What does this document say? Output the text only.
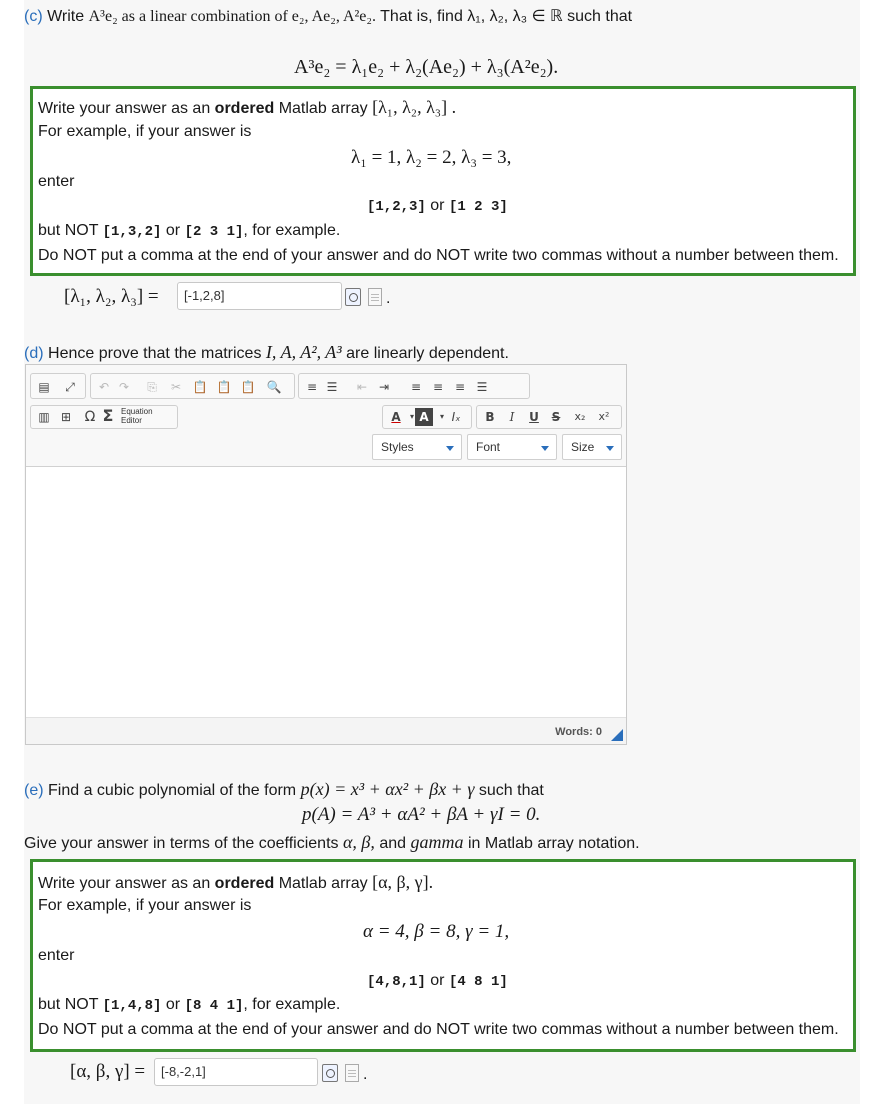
(c) Write A³e₂ as a linear combination of e₂, Ae₂, A²e₂. That is, find λ₁, λ₂, λ₃ ∈ ℝ such that
A³e₂ = λ₁e₂ + λ₂(Ae₂) + λ₃(A²e₂).
Write your answer as an ordered Matlab array [λ₁, λ₂, λ₃] .
For example, if your answer is
λ₁ = 1, λ₂ = 2, λ₃ = 3,
enter
[1,2,3] or [1 2 3]
but NOT [1,3,2] or [2 3 1], for example.
Do NOT put a comma at the end of your answer and do NOT write two commas without a number between them.
[λ₁, λ₂, λ₃] =	[-1,2,8]	.
(d) Hence prove that the matrices I, A, A², A³ are linearly dependent.
▤	⤢	↶ ↷	⎘	✂ 📋 📋 📋 🔍	≡ ☰	⇤ ⇥	≡ ≡ ≡ ☰
▥ ⊞ Ω Σ Equation
Editor	A	▾ A	▾ Iₓ	B	I	U	S	x₂	x²
Words: 0
Styles	Font	Size
(e) Find a cubic polynomial of the form p(x) = x³ + αx² + βx + γ such that
p(A) = A³ + αA² + βA + γI = 0.
Give your answer in terms of the coefficients α, β, and gamma in Matlab array notation.
Write your answer as an ordered Matlab array [α, β, γ].
For example, if your answer is
α = 4, β = 8, γ = 1,
enter
[4,8,1] or [4 8 1]
but NOT [1,4,8] or [8 4 1], for example.
Do NOT put a comma at the end of your answer and do NOT write two commas without a number between them.
[α, β, γ] =	[-8,-2,1]	.
